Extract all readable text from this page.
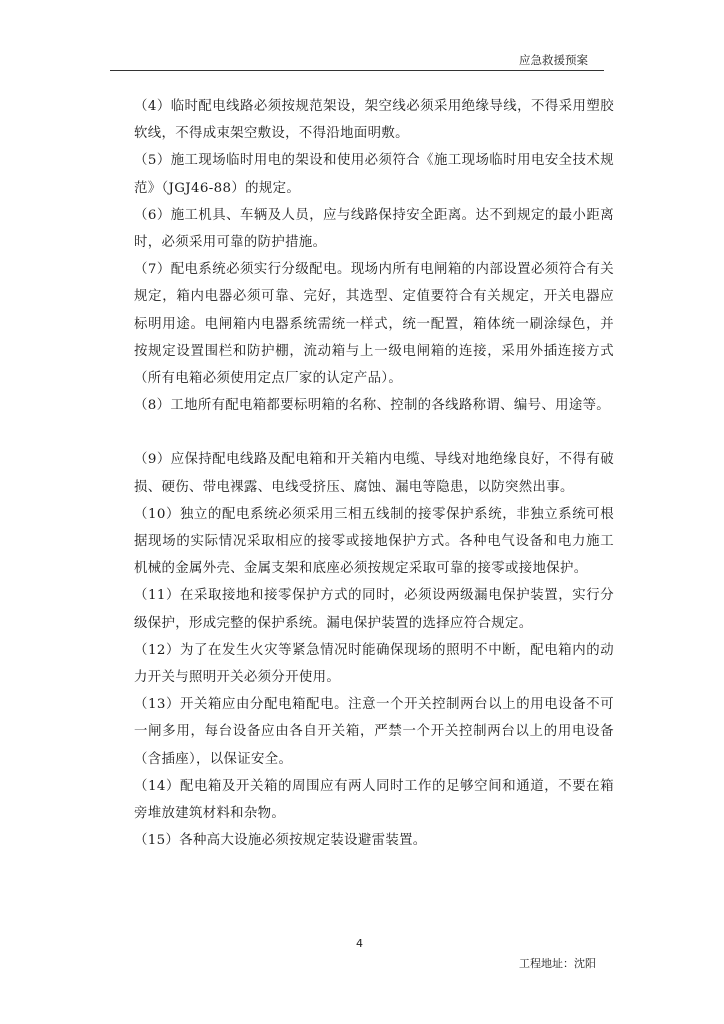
应急救援预案

（4）临时配电线路必须按规范架设，架空线必须采用绝缘导线，不得采用塑胶软线，不得成束架空敷设，不得沿地面明敷。

（5）施工现场临时用电的架设和使用必须符合《施工现场临时用电安全技术规范》（JGJ46-88）的规定。

（6）施工机具、车辆及人员，应与线路保持安全距离。达不到规定的最小距离时，必须采用可靠的防护措施。

（7）配电系统必须实行分级配电。现场内所有电闸箱的内部设置必须符合有关规定，箱内电器必须可靠、完好，其选型、定值要符合有关规定，开关电器应标明用途。电闸箱内电器系统需统一样式，统一配置，箱体统一刷涂绿色，并按规定设置围栏和防护棚，流动箱与上一级电闸箱的连接，采用外插连接方式（所有电箱必须使用定点厂家的认定产品）。

（8）工地所有配电箱都要标明箱的名称、控制的各线路称谓、编号、用途等。

（9）应保持配电线路及配电箱和开关箱内电缆、导线对地绝缘良好，不得有破损、硬伤、带电裸露、电线受挤压、腐蚀、漏电等隐患，以防突然出事。

（10）独立的配电系统必须采用三相五线制的接零保护系统，非独立系统可根据现场的实际情况采取相应的接零或接地保护方式。各种电气设备和电力施工机械的金属外壳、金属支架和底座必须按规定采取可靠的接零或接地保护。

（11）在采取接地和接零保护方式的同时，必须设两级漏电保护装置，实行分级保护，形成完整的保护系统。漏电保护装置的选择应符合规定。

（12）为了在发生火灾等紧急情况时能确保现场的照明不中断，配电箱内的动力开关与照明开关必须分开使用。

（13）开关箱应由分配电箱配电。注意一个开关控制两台以上的用电设备不可一闸多用，每台设备应由各自开关箱，严禁一个开关控制两台以上的用电设备（含插座），以保证安全。

（14）配电箱及开关箱的周围应有两人同时工作的足够空间和通道，不要在箱旁堆放建筑材料和杂物。

（15）各种高大设施必须按规定装设避雷装置。

4
工程地址：沈阳
